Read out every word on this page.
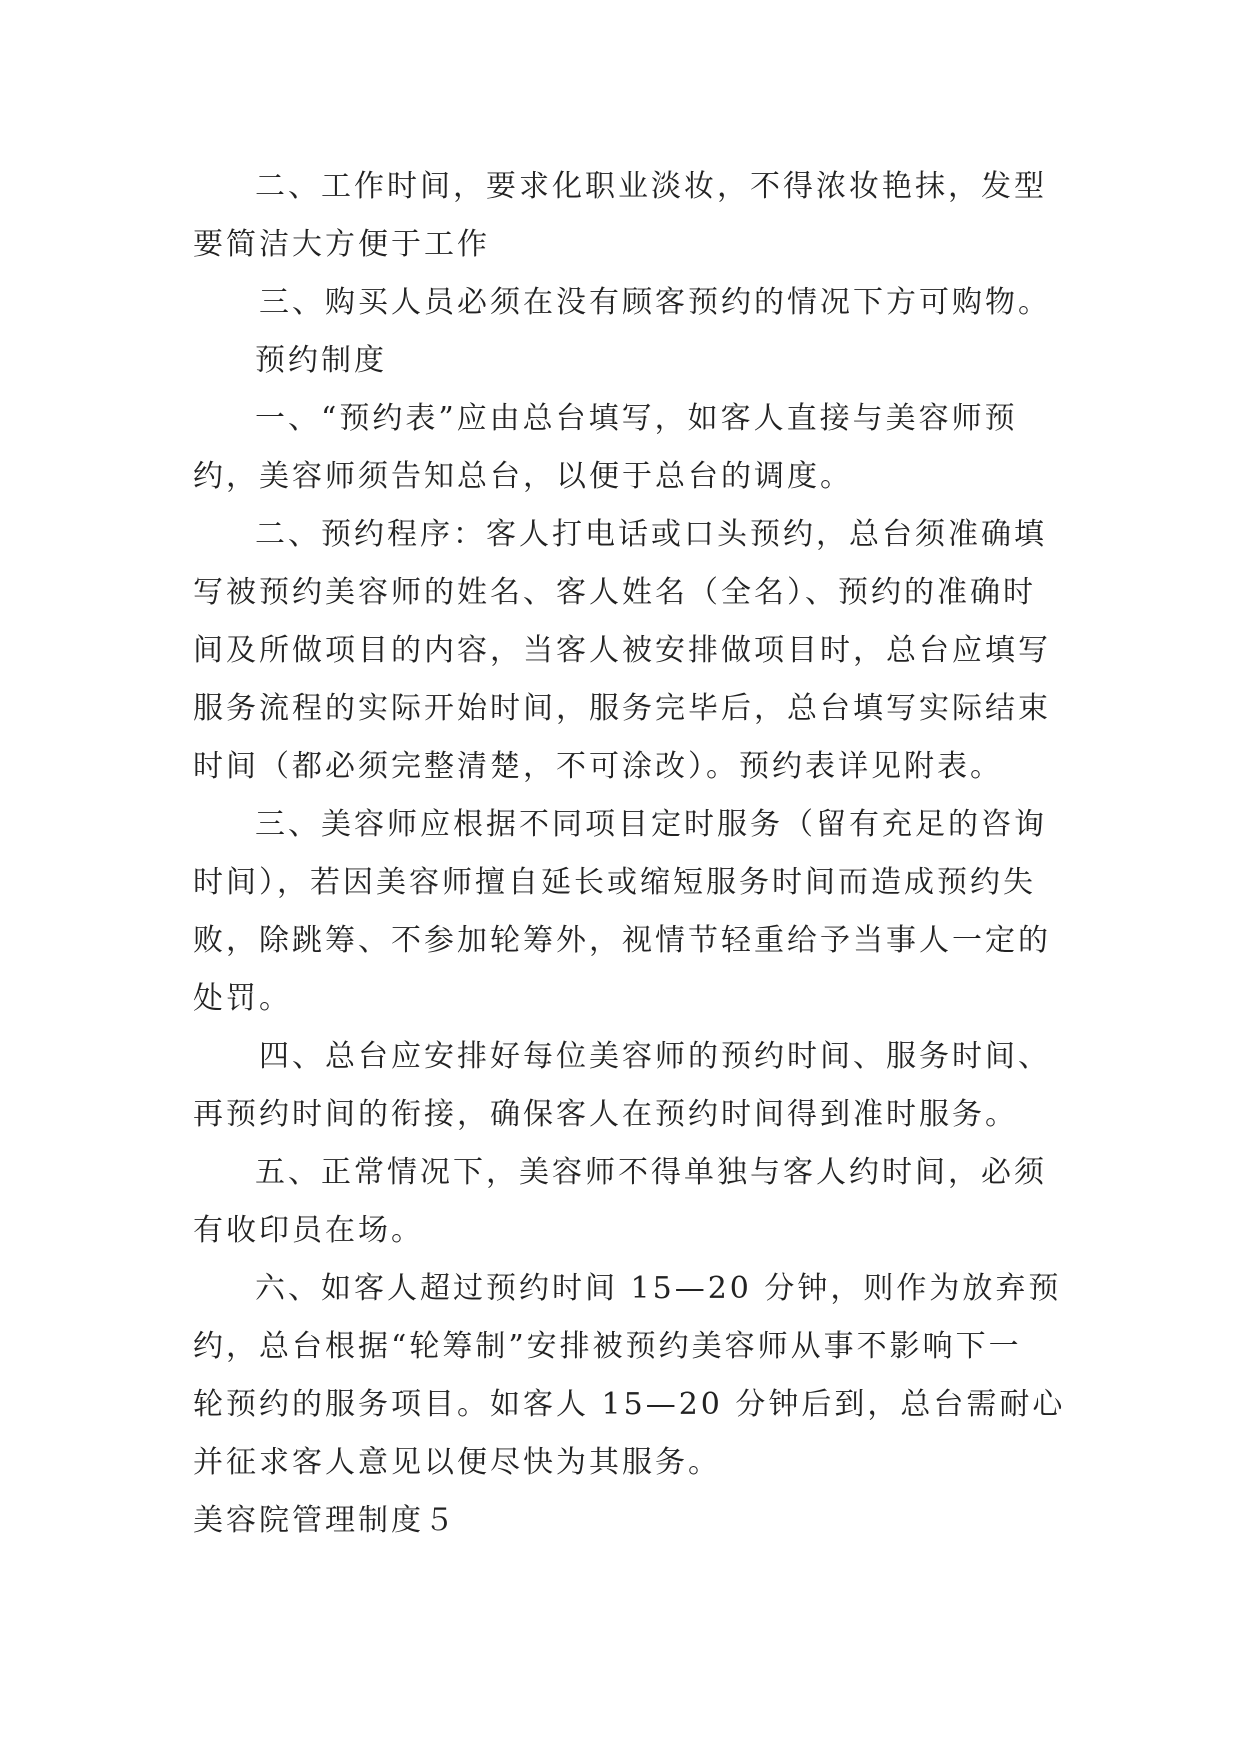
二、工作时间，要求化职业淡妆，不得浓妆艳抹，发型
要简洁大方便于工作
三、购买人员必须在没有顾客预约的情况下方可购物。
预约制度
一、“预约表”应由总台填写，如客人直接与美容师预
约，美容师须告知总台，以便于总台的调度。
二、预约程序：客人打电话或口头预约，总台须准确填
写被预约美容师的姓名、客人姓名（全名）、预约的准确时
间及所做项目的内容，当客人被安排做项目时，总台应填写
服务流程的实际开始时间，服务完毕后，总台填写实际结束
时间（都必须完整清楚，不可涂改）。预约表详见附表。
三、美容师应根据不同项目定时服务（留有充足的咨询
时间），若因美容师擅自延长或缩短服务时间而造成预约失
败，除跳筹、不参加轮筹外，视情节轻重给予当事人一定的
处罚。
四、总台应安排好每位美容师的预约时间、服务时间、
再预约时间的衔接，确保客人在预约时间得到准时服务。
五、正常情况下，美容师不得单独与客人约时间，必须
有收印员在场。
六、如客人超过预约时间 15—20 分钟，则作为放弃预
约，总台根据“轮筹制”安排被预约美容师从事不影响下一
轮预约的服务项目。如客人 15—20 分钟后到，总台需耐心
并征求客人意见以便尽快为其服务。
美容院管理制度５
